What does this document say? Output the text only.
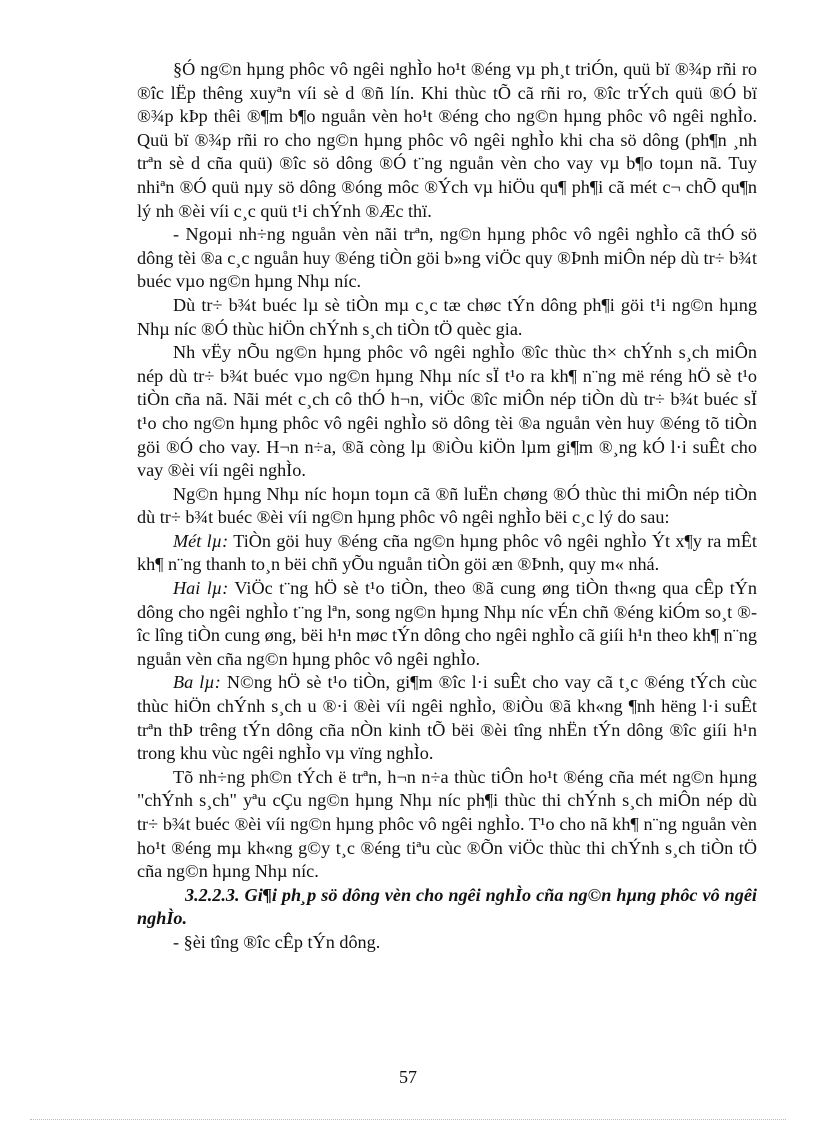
§Ó ng©n hµng phôc vô ngêi nghÌo ho¹t ®éng vµ ph¸t triÓn, quü bï ®¾p rñi ro ®îc lËp thêng xuyªn víi sè d ®ñ lín. Khi thùc tÕ cã rñi ro, ®îc trÝch quü ®Ó bï ®¾p kÞp thêi ®¶m b¶o nguån vèn ho¹t ®éng cho ng©n hµng phôc vô ngêi nghÌo. Quü bï ®¾p rñi ro cho ng©n hµng phôc vô ngêi nghÌo khi cha sö dông (ph¶n ¸nh trªn sè d cña quü) ®îc sö dông ®Ó t¨ng nguån vèn cho vay vµ b¶o toµn nã. Tuy nhiªn ®Ó quü nµy sö dông ®óng môc ®Ých vµ hiÖu qu¶ ph¶i cã mét c¬ chÕ qu¶n lý nh ®èi víi c¸c quü t¹i chÝnh ®Æc thï.

- Ngoµi nh÷ng nguån vèn nãi trªn, ng©n hµng phôc vô ngêi nghÌo cã thÓ sö dông tèi ®a c¸c nguån huy ®éng tiÒn göi b»ng viÖc quy ®Þnh miÔn nép dù tr÷ b¾t buéc vµo ng©n hµng Nhµ níc.

Dù tr÷ b¾t buéc lµ sè tiÒn mµ c¸c tæ chøc tÝn dông ph¶i göi t¹i ng©n hµng Nhµ níc ®Ó thùc hiÖn chÝnh s¸ch tiÒn tÖ quèc gia.

Nh vËy nÕu ng©n hµng phôc vô ngêi nghÌo ®îc thùc th× chÝnh s¸ch miÔn nép dù tr÷ b¾t buéc vµo ng©n hµng Nhµ níc sÏ t¹o ra kh¶ n¨ng më réng hÖ sè t¹o tiÒn cña nã. Nãi mét c¸ch cô thÓ h¬n, viÖc ®îc miÔn nép tiÒn dù tr÷ b¾t buéc sÏ t¹o cho ng©n hµng phôc vô ngêi nghÌo sö dông tèi ®a nguån vèn huy ®éng tõ tiÒn göi ®Ó cho vay. H¬n n÷a, ®ã còng lµ ®iÒu kiÖn lµm gi¶m ®¸ng kÓ l·i suÊt cho vay ®èi víi ngêi nghÌo.

Ng©n hµng Nhµ níc hoµn toµn cã ®ñ luËn chøng ®Ó thùc thi miÔn nép tiÒn dù tr÷ b¾t buéc ®èi víi ng©n hµng phôc vô ngêi nghÌo bëi c¸c lý do sau:

Mét lµ: TiÒn göi huy ®éng cña ng©n hµng phôc vô ngêi nghÌo Ýt x¶y ra mÊt kh¶ n¨ng thanh to¸n bëi chñ yÕu nguån tiÒn göi æn ®Þnh, quy m« nhá.

Hai lµ: ViÖc t¨ng hÖ sè t¹o tiÒn, theo ®ã cung øng tiÒn th«ng qua cÊp tÝn dông cho ngêi nghÌo t¨ng lªn, song ng©n hµng Nhµ níc vÉn chñ ®éng kiÓm so¸t ®îc lîng tiÒn cung øng, bëi h¹n møc tÝn dông cho ngêi nghÌo cã giíi h¹n theo kh¶ n¨ng nguån vèn cña ng©n hµng phôc vô ngêi nghÌo.

Ba lµ: N©ng hÖ sè t¹o tiÒn, gi¶m ®îc l·i suÊt cho vay cã t¸c ®éng tÝch cùc thùc hiÖn chÝnh s¸ch u ®·i ®èi víi ngêi nghÌo, ®iÒu ®ã kh«ng ¶nh hëng l·i suÊt trªn thÞ trêng tÝn dông cña nÒn kinh tÕ bëi ®èi tîng nhËn tÝn dông ®îc giíi h¹n trong khu vùc ngêi nghÌo vµ vïng nghÌo.

Tõ nh÷ng ph©n tÝch ë trªn, h¬n n÷a thùc tiÔn ho¹t ®éng cña mét ng©n hµng "chÝnh s¸ch" yªu cÇu ng©n hµng Nhµ níc ph¶i thùc thi chÝnh s¸ch miÔn nép dù tr÷ b¾t buéc ®èi víi ng©n hµng phôc vô ngêi nghÌo. T¹o cho nã kh¶ n¨ng nguån vèn ho¹t ®éng mµ kh«ng g©y t¸c ®éng tiªu cùc ®Õn viÖc thùc thi chÝnh s¸ch tiÒn tÖ cña ng©n hµng Nhµ níc.

3.2.2.3. Gi¶i ph¸p sö dông vèn cho ngêi nghÌo cña ng©n hµng phôc vô ngêi nghÌo.

- §èi tîng ®îc cÊp tÝn dông.

57
